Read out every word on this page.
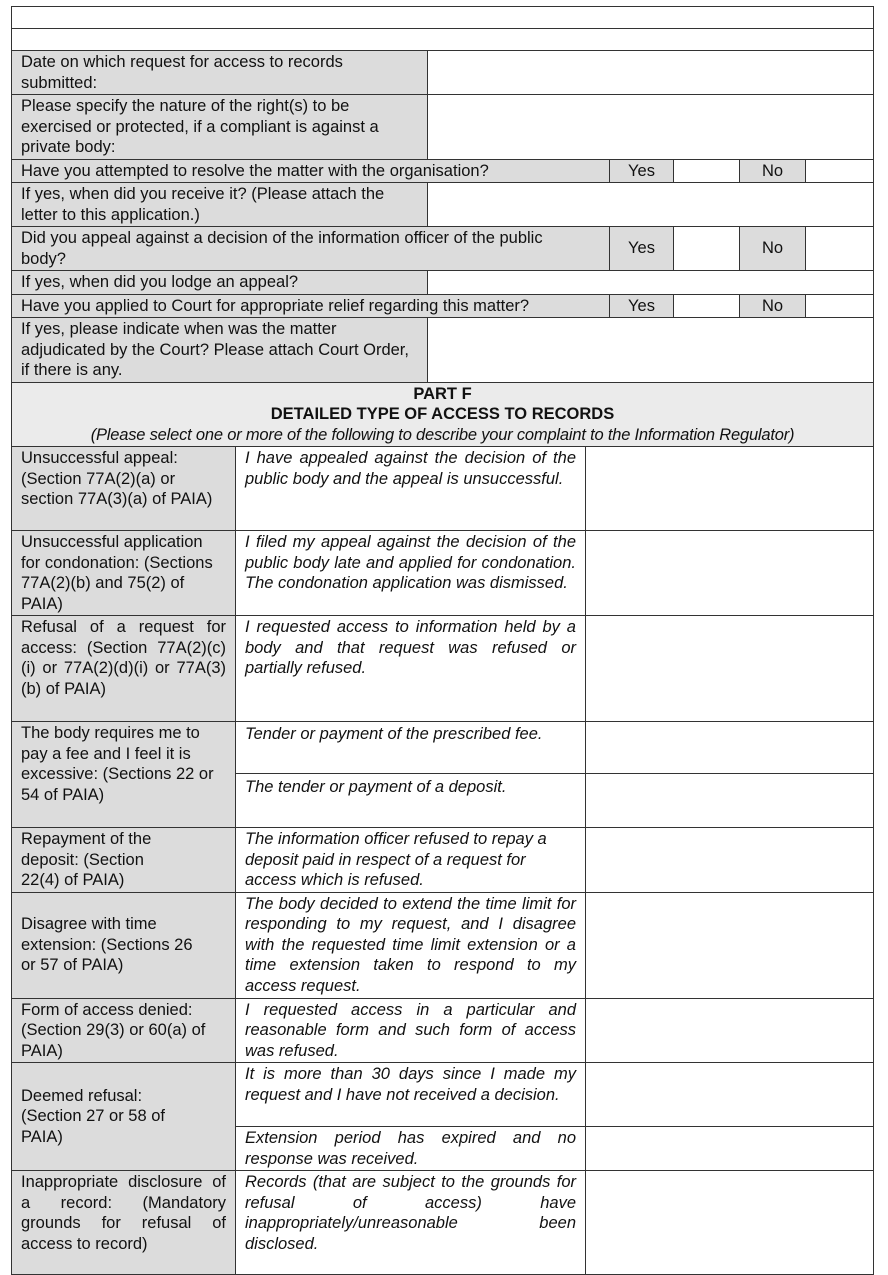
Date on which request for access to records submitted:					
Please specify the nature of the right(s) to be exercised or protected, if a compliant is against a private body:					
Have you attempted to resolve the matter with the organisation?		Yes		No	
If yes, when did you receive it? (Please attach the letter to this application.)					
Did you appeal against a decision of the information officer of the public body?		Yes		No	
If yes, when did you lodge an appeal?					
Have you applied to Court for appropriate relief regarding this matter?		Yes		No	
If yes, please indicate when was the matter adjudicated by the Court? Please attach Court Order, if there is any.					
PART F
DETAILED TYPE OF ACCESS TO RECORDS
(Please select one or more of the following to describe your complaint to the Information Regulator)		

Unsuccessful appeal: (Section 77A(2)(a) or section 77A(3)(a) of PAIA)	I have appealed against the decision of the public body and the appeal is unsuccessful.	
Unsuccessful application for condonation: (Sections 77A(2)(b) and 75(2) of PAIA)	I filed my appeal against the decision of the public body late and applied for condonation. The condonation application was dismissed.	
Refusal of a request for access: (Section 77A(2)(c)(i) or 77A(2)(d)(i) or 77A(3)(b) of PAIA)	I requested access to information held by a body and that request was refused or partially refused.	
The body requires me to pay a fee and I feel it is excessive: (Sections 22 or 54 of PAIA)	Tender or payment of the prescribed fee.	
	The tender or payment of a deposit.	
Repayment of the deposit: (Section 22(4) of PAIA)	The information officer refused to repay a deposit paid in respect of a request for access which is refused.	
Disagree with time extension: (Sections 26 or 57 of PAIA)	The body decided to extend the time limit for responding to my request, and I disagree with the requested time limit extension or a time extension taken to respond to my access request.	
Form of access denied: (Section 29(3) or 60(a) of PAIA)	I requested access in a particular and reasonable form and such form of access was refused.	
Deemed refusal: (Section 27 or 58 of PAIA)	It is more than 30 days since I made my request and I have not received a decision.	
	Extension period has expired and no response was received.	
Inappropriate disclosure of a record: (Mandatory grounds for refusal of access to record)	Records (that are subject to the grounds for refusal of access) have inappropriately/unreasonable been disclosed.	
